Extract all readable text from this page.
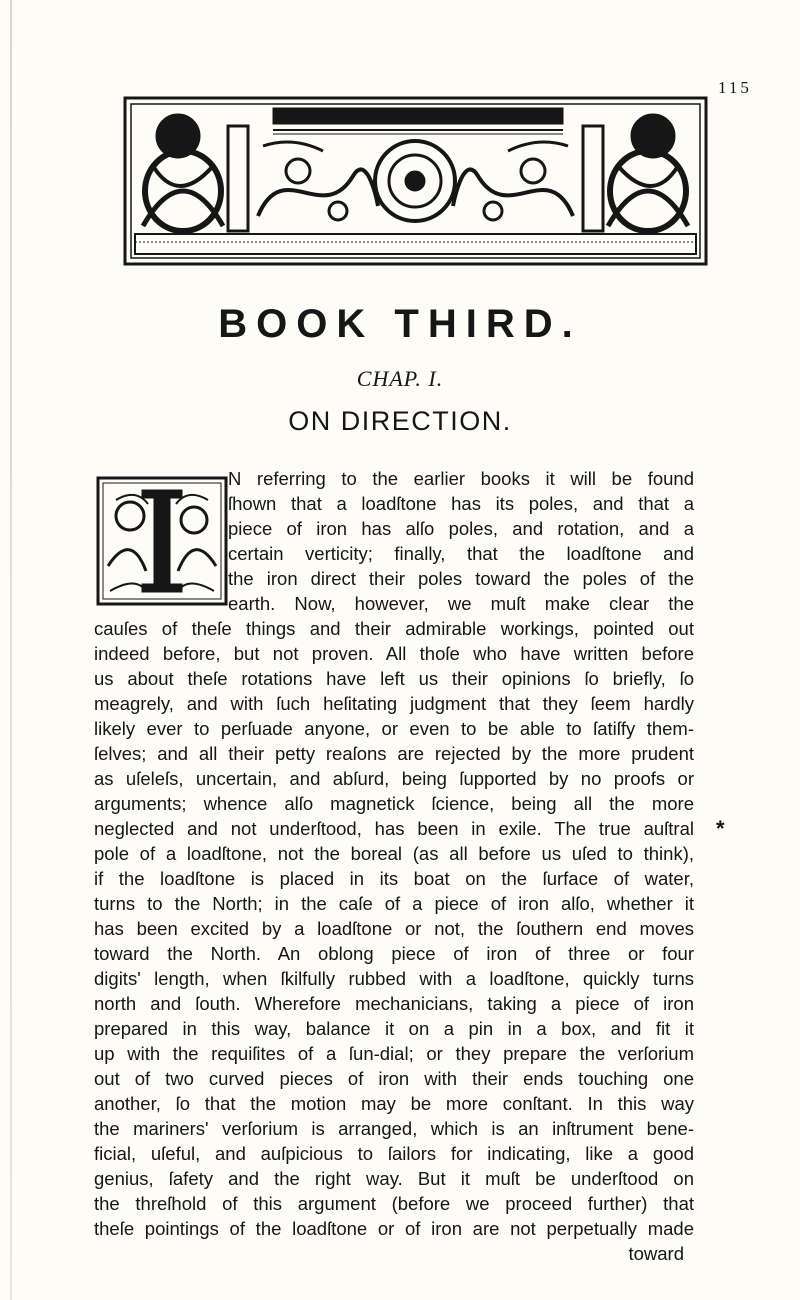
115
BOOK THIRD.
CHAP. I.
ON DIRECTION.
N referring to the earlier books it will be found
ſhown that a loadſtone has its poles, and that a
piece of iron has alſo poles, and rotation, and a
certain verticity; finally, that the loadſtone and
the iron direct their poles toward the poles of the
earth. Now, however, we muſt make clear the
cauſes of theſe things and their admirable workings, pointed out
indeed before, but not proven. All thoſe who have written before
us about theſe rotations have left us their opinions ſo briefly, ſo
meagrely, and with ſuch heſitating judgment that they ſeem hardly
likely ever to perſuade anyone, or even to be able to ſatiſfy them-
ſelves; and all their petty reaſons are rejected by the more prudent
as uſeleſs, uncertain, and abſurd, being ſupported by no proofs or
arguments; whence alſo magnetick ſcience, being all the more
neglected and not underſtood, has been in exile. The true auſtral
pole of a loadſtone, not the boreal (as all before us uſed to think),
if the loadſtone is placed in its boat on the ſurface of water,
turns to the North; in the caſe of a piece of iron alſo, whether it
has been excited by a loadſtone or not, the ſouthern end moves
toward the North. An oblong piece of iron of three or four
digits' length, when ſkilfully rubbed with a loadſtone, quickly turns
north and ſouth. Wherefore mechanicians, taking a piece of iron
prepared in this way, balance it on a pin in a box, and fit it
up with the requiſites of a ſun-dial; or they prepare the verſorium
out of two curved pieces of iron with their ends touching one
another, ſo that the motion may be more conſtant. In this way
the mariners' verſorium is arranged, which is an inſtrument bene-
ficial, uſeful, and auſpicious to ſailors for indicating, like a good
genius, ſafety and the right way. But it muſt be underſtood on
the threſhold of this argument (before we proceed further) that
theſe pointings of the loadſtone or of iron are not perpetually made
toward
*
